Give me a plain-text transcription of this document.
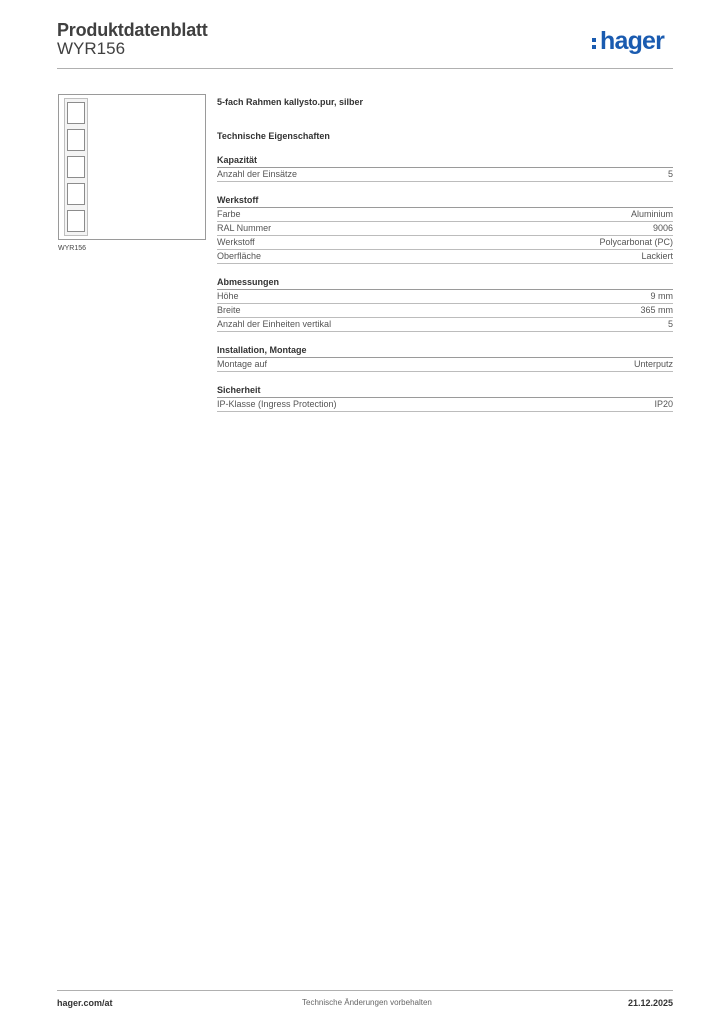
Produktdatenblatt
WYR156	hager
WYR156
5-fach Rahmen kallysto.pur, silber
Technische Eigenschaften
Kapazität
Anzahl der Einsätze	5
Werkstoff
Farbe	Aluminium
RAL Nummer	9006
Werkstoff	Polycarbonat (PC)
Oberfläche	Lackiert
Abmessungen
Höhe	9 mm
Breite	365 mm
Anzahl der Einheiten vertikal	5
Installation, Montage
Montage auf	Unterputz
Sicherheit
IP-Klasse (Ingress Protection)	IP20
hager.com/at	Technische Änderungen vorbehalten	21.12.2025
